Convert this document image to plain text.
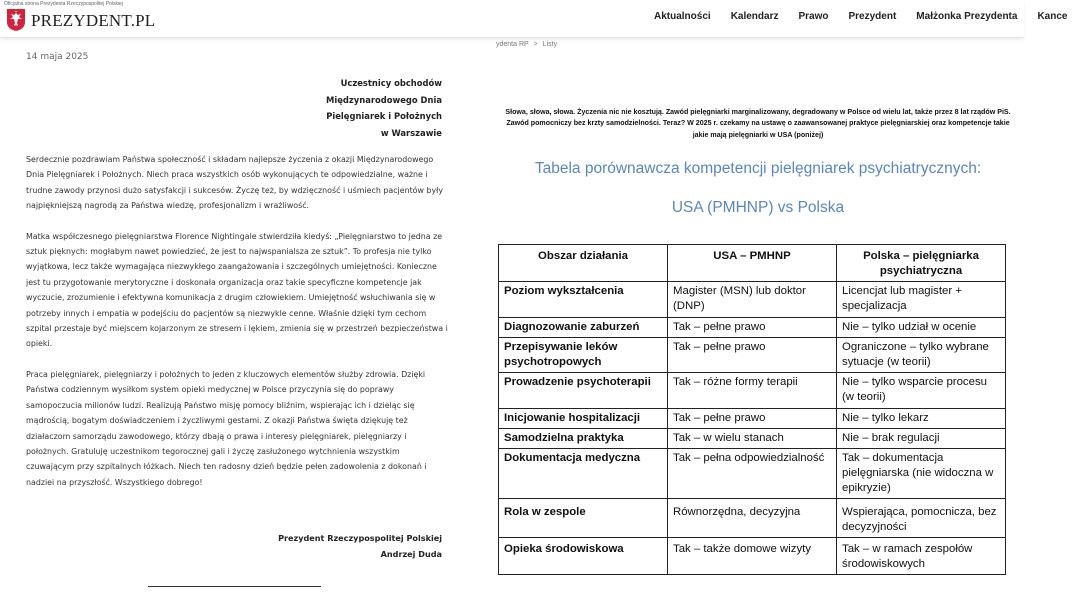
Oficjalna strona Prezydenta Rzeczypospolitej Polskiej
PREZYDENT.PL	Aktualności Kalendarz Prawo Prezydent Małżonka Prezydenta Kance
14 maja 2025
Uczestnicy obchodów
Międzynarodowego Dnia
Pielęgniarek i Położnych
w Warszawie

Serdecznie pozdrawiam Państwa społeczność i składam najlepsze życzenia z okazji Międzynarodowego Dnia Pielęgniarek i Położnych. Niech praca wszystkich osób wykonujących te odpowiedzialne, ważne i trudne zawody przynosi dużo satysfakcji i sukcesów. Życzę też, by wdzięczność i uśmiech pacjentów były najpiękniejszą nagrodą za Państwa wiedzę, profesjonalizm i wrażliwość.

Matka współczesnego pielęgniarstwa Florence Nightingale stwierdziła kiedyś: „Pielęgniarstwo to jedna ze sztuk pięknych: mogłabym nawet powiedzieć, że jest to najwspanialsza ze sztuk”. To profesja nie tylko wyjątkowa, lecz także wymagająca niezwykłego zaangażowania i szczególnych umiejętności. Konieczne jest tu przygotowanie merytoryczne i doskonała organizacja oraz takie specyficzne kompetencje jak wyczucie, zrozumienie i efektywna komunikacja z drugim człowiekiem. Umiejętność wsłuchiwania się w potrzeby innych i empatia w podejściu do pacjentów są niezwykle cenne. Właśnie dzięki tym cechom szpital przestaje być miejscem kojarzonym ze stresem i lękiem, zmienia się w przestrzeń bezpieczeństwa i opieki.

Praca pielęgniarek, pielęgniarzy i położnych to jeden z kluczowych elementów służby zdrowia. Dzięki Państwa codziennym wysiłkom system opieki medycznej w Polsce przyczynia się do poprawy samopoczucia milionów ludzi. Realizują Państwo misję pomocy bliźnim, wspierając ich i dzieląc się mądrością, bogatym doświadczeniem i życzliwymi gestami. Z okazji Państwa święta dziękuję też działaczom samorządu zawodowego, którzy dbają o prawa i interesy pielęgniarek, pielęgniarzy i położnych. Gratuluję uczestnikom tegorocznej gali i życzę zasłużonego wytchnienia wszystkim czuwającym przy szpitalnych łóżkach. Niech ten radosny dzień będzie pełen zadowolenia z dokonań i nadziei na przyszłość. Wszystkiego dobrego!

Prezydent Rzeczypospolitej Polskiej
Andrzej Duda
ydenta RP > Listy
Słowa, słowa, słowa. Życzenia nic nie kosztują. Zawód pielęgniarki marginalizowany, degradowany w Polsce od wielu lat, także przez 8 lat rządów PiS. Zawód pomocniczy bez krzty samodzielności. Teraz? W 2025 r. czekamy na ustawę o zaawansowanej praktyce pielęgniarskiej oraz kompetencje takie jakie mają pielęgniarki w USA (poniżej)
Tabela porównawcza kompetencji pielęgniarek psychiatrycznych:
USA (PMHNP) vs Polska
Obszar działania	USA – PMHNP	Polska – pielęgniarka psychiatryczna
Poziom wykształcenia	Magister (MSN) lub doktor (DNP)	Licencjat lub magister + specjalizacja
Diagnozowanie zaburzeń	Tak – pełne prawo	Nie – tylko udział w ocenie
Przepisywanie leków psychotropowych	Tak – pełne prawo	Ograniczone – tylko wybrane sytuacje (w teorii)
Prowadzenie psychoterapii	Tak – różne formy terapii	Nie – tylko wsparcie procesu (w teorii)
Inicjowanie hospitalizacji	Tak – pełne prawo	Nie – tylko lekarz
Samodzielna praktyka	Tak – w wielu stanach	Nie – brak regulacji
Dokumentacja medyczna	Tak – pełna odpowiedzialność	Tak – dokumentacja pielęgniarska (nie widoczna w epikryzie)
Rola w zespole	Równorzędna, decyzyjna	Wspierająca, pomocnicza, bez decyzyjności
Opieka środowiskowa	Tak – także domowe wizyty	Tak – w ramach zespołów środowiskowych
